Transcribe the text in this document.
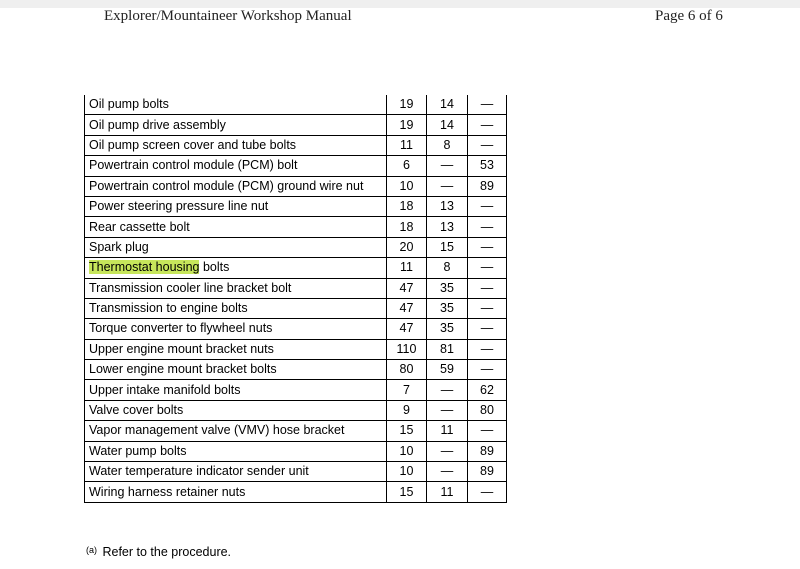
Explorer/Mountaineer Workshop Manual	Page 6 of 6
Oil pump bolts	19	14	—
Oil pump drive assembly	19	14	—
Oil pump screen cover and tube bolts	11	8	—
Powertrain control module (PCM) bolt	6	—	53
Powertrain control module (PCM) ground wire nut	10	—	89
Power steering pressure line nut	18	13	—
Rear cassette bolt	18	13	—
Spark plug	20	15	—
Thermostat housing bolts	11	8	—
Transmission cooler line bracket bolt	47	35	—
Transmission to engine bolts	47	35	—
Torque converter to flywheel nuts	47	35	—
Upper engine mount bracket nuts	110	81	—
Lower engine mount bracket bolts	80	59	—
Upper intake manifold bolts	7	—	62
Valve cover bolts	9	—	80
Vapor management valve (VMV) hose bracket	15	11	—
Water pump bolts	10	—	89
Water temperature indicator sender unit	10	—	89
Wiring harness retainer nuts	15	11	—
$^{(a)}$ Refer to the procedure.
